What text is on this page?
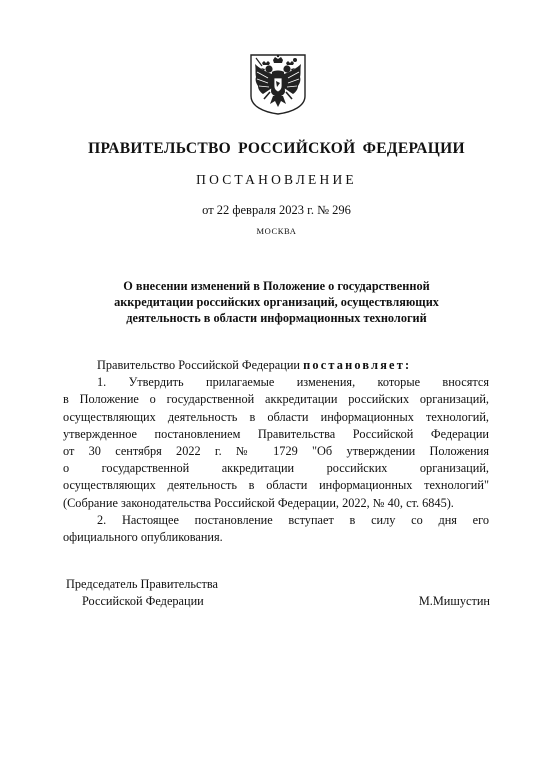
ПРАВИТЕЛЬСТВО РОССИЙСКОЙ ФЕДЕРАЦИИ
ПОСТАНОВЛЕНИЕ
от 22 февраля 2023 г. № 296
МОСКВА
О внесении изменений в Положение о государственной
аккредитации российских организаций, осуществляющих
деятельность в области информационных технологий
Правительство Российской Федерации постановляет:
1. Утвердить прилагаемые изменения, которые вносятся
в Положение о государственной аккредитации российских организаций,
осуществляющих деятельность в области информационных технологий,
утвержденное постановлением Правительства Российской Федерации
от 30 сентября 2022 г. № 1729 "Об утверждении Положения
о государственной аккредитации российских организаций,
осуществляющих деятельность в области информационных технологий"
(Собрание законодательства Российской Федерации, 2022, № 40, ст. 6845).
2. Настоящее постановление вступает в силу со дня его
официального опубликования.
Председатель Правительства
Российской Федерации	М.Мишустин
